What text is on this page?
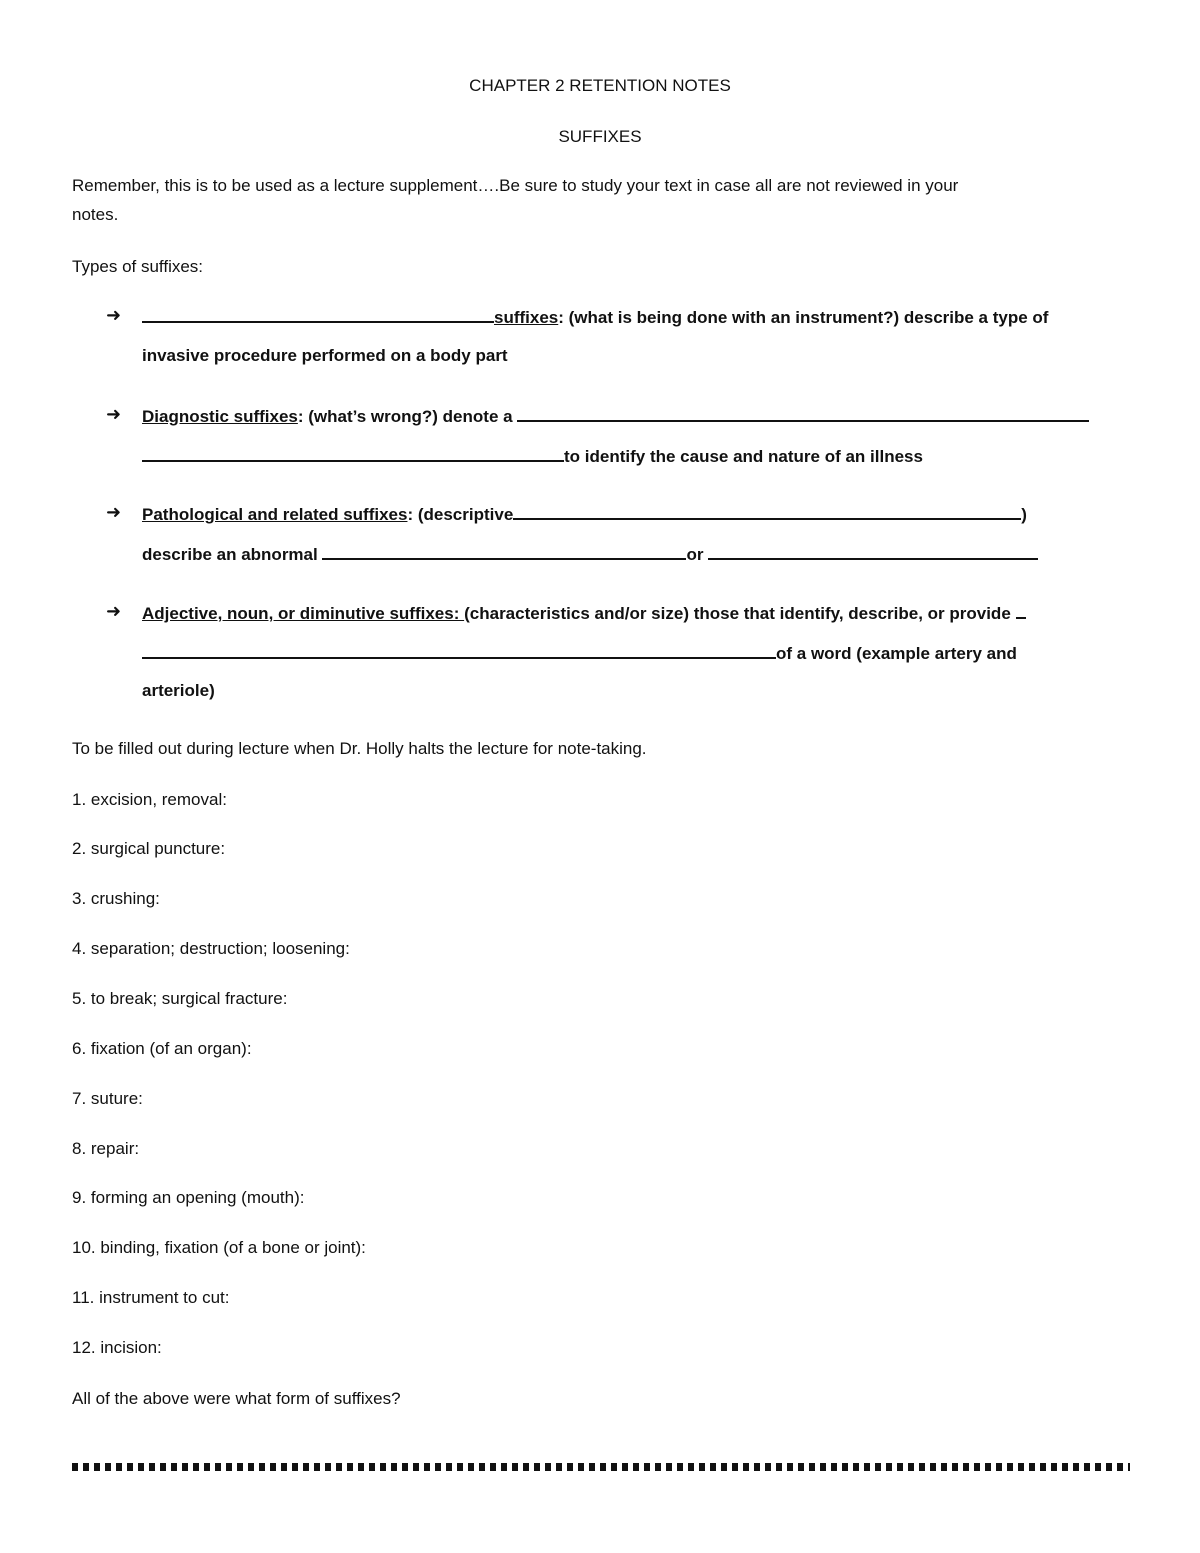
CHAPTER 2 RETENTION NOTES
SUFFIXES
Remember, this is to be used as a lecture supplement….Be sure to study your text in case all are not reviewed in your
notes.
Types of suffixes:
➜	suffixes: (what is being done with an instrument?) describe a type of
invasive procedure performed on a body part
➜ Diagnostic suffixes: (what’s wrong?) denote a
to identify the cause and nature of an illness
➜ Pathological and related suffixes: (descriptive	)
describe an abnormal	or
➜ Adjective, noun, or diminutive suffixes: (characteristics and/or size) those that identify, describe, or provide
of a word (example artery and
arteriole)
To be filled out during lecture when Dr. Holly halts the lecture for note-taking.
1. excision, removal:
2. surgical puncture:
3. crushing:
4. separation; destruction; loosening:
5. to break; surgical fracture:
6. fixation (of an organ):
7. suture:
8. repair:
9. forming an opening (mouth):
10. binding, fixation (of a bone or joint):
11. instrument to cut:
12. incision:
All of the above were what form of suffixes?
